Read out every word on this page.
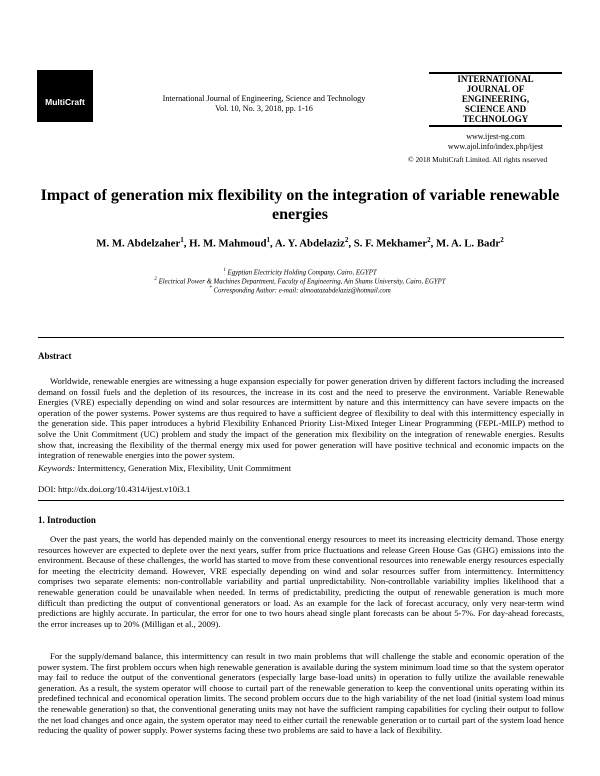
MultiCraft	International Journal of Engineering, Science and Technology
Vol. 10, No. 3, 2018, pp. 1-16
INTERNATIONAL
JOURNAL OF
ENGINEERING,
SCIENCE AND
TECHNOLOGY
www.ijest-ng.com
www.ajol.info/index.php/ijest
© 2018 MultiCraft Limited. All rights reserved
Impact of generation mix flexibility on the integration of variable renewable
energies
M. M. Abdelzaher$^1$, H. M. Mahmoud$^1$, A. Y. Abdelaziz$^2$, S. F. Mekhamer$^2$, M. A. L. Badr$^2$
$^1$ Egyptian Electricity Holding Company, Cairo, EGYPT
$^2$ Electrical Power & Machines Department, Faculty of Engineering, Ain Shams University, Cairo, EGYPT
* Corresponding Author: e-mail: almoatazabdelaziz@hotmail.com
Abstract
Worldwide, renewable energies are witnessing a huge expansion especially for power generation driven by different factors including the increased demand on fossil fuels and the depletion of its resources, the increase in its cost and the need to preserve the environment. Variable Renewable Energies (VRE) especially depending on wind and solar resources are intermittent by nature and this intermittency can have severe impacts on the operation of the power systems. Power systems are thus required to have a sufficient degree of flexibility to deal with this intermittency especially in the generation side. This paper introduces a hybrid Flexibility Enhanced Priority List-Mixed Integer Linear Programming (FEPL-MILP) method to solve the Unit Commitment (UC) problem and study the impact of the generation mix flexibility on the integration of renewable energies. Results show that, increasing the flexibility of the thermal energy mix used for power generation will have positive technical and economic impacts on the integration of renewable energies into the power system.
Keywords: Intermittency, Generation Mix, Flexibility, Unit Commitment
DOI: http://dx.doi.org/10.4314/ijest.v10i3.1
1. Introduction
Over the past years, the world has depended mainly on the conventional energy resources to meet its increasing electricity demand. Those energy resources however are expected to deplete over the next years, suffer from price fluctuations and release Green House Gas (GHG) emissions into the environment. Because of these challenges, the world has started to move from these conventional resources into renewable energy resources especially for meeting the electricity demand. However, VRE especially depending on wind and solar resources suffer from intermittency. Intermittency comprises two separate elements: non-controllable variability and partial unpredictability. Non-controllable variability implies likelihood that a renewable generation could be unavailable when needed. In terms of predictability, predicting the output of renewable generation is much more difficult than predicting the output of conventional generators or load. As an example for the lack of forecast accuracy, only very near-term wind predictions are highly accurate. In particular, the error for one to two hours ahead single plant forecasts can be about 5-7%. For day-ahead forecasts, the error increases up to 20% (Milligan et al., 2009).
For the supply/demand balance, this intermittency can result in two main problems that will challenge the stable and economic operation of the power system. The first problem occurs when high renewable generation is available during the system minimum load time so that the system operator may fail to reduce the output of the conventional generators (especially large base-load units) in operation to fully utilize the available renewable generation. As a result, the system operator will choose to curtail part of the renewable generation to keep the conventional units operating within its predefined technical and economical operation limits. The second problem occurs due to the high variability of the net load (initial system load minus the renewable generation) so that, the conventional generating units may not have the sufficient ramping capabilities for cycling their output to follow the net load changes and once again, the system operator may need to either curtail the renewable generation or to curtail part of the system load hence reducing the quality of power supply. Power systems facing these two problems are said to have a lack of flexibility.
